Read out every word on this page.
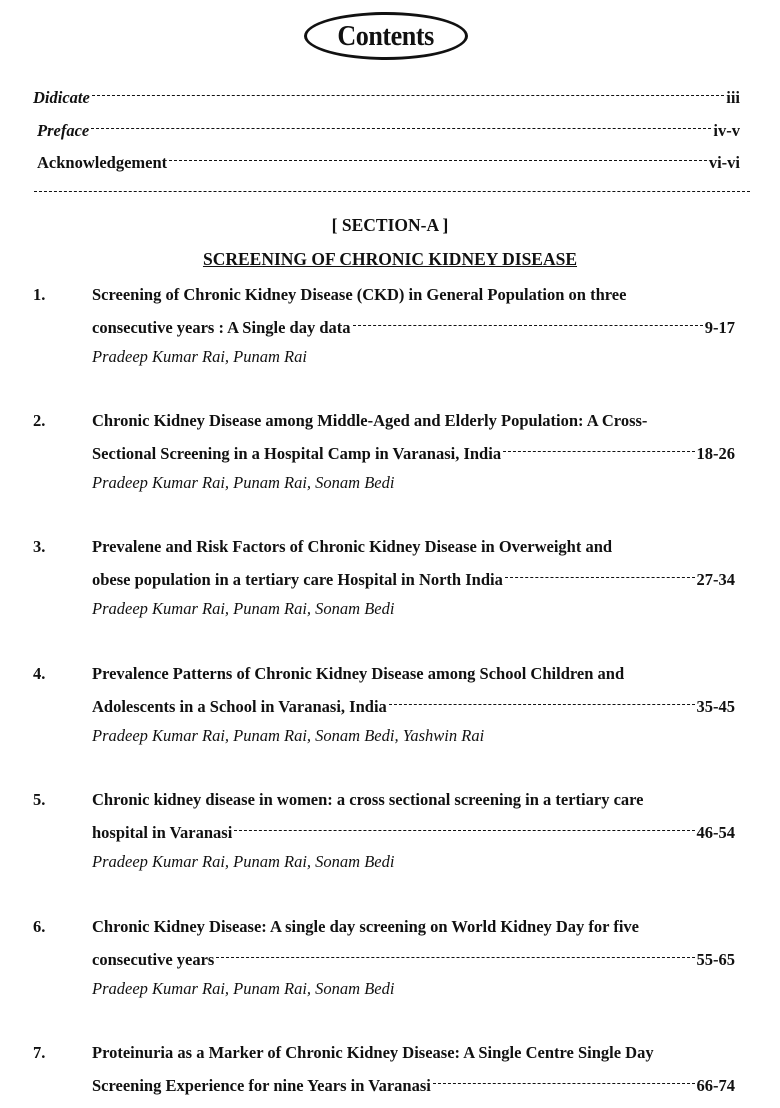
Contents
Didicate	iii
Preface	iv-v
Acknowledgement	vi-vi
[ SECTION-A ]
SCREENING OF CHRONIC KIDNEY DISEASE
1.	Screening of Chronic Kidney Disease (CKD) in General Population on three
consecutive years : A Single day data	9-17
Pradeep Kumar Rai, Punam Rai
2.	Chronic Kidney Disease among Middle-Aged and Elderly Population: A Cross-
Sectional Screening in a Hospital Camp in Varanasi, India	18-26
Pradeep Kumar Rai, Punam Rai, Sonam Bedi
3.	Prevalene and Risk Factors of Chronic Kidney Disease in Overweight and
obese population in a tertiary care Hospital in North India	27-34
Pradeep Kumar Rai, Punam Rai, Sonam Bedi
4.	Prevalence Patterns of Chronic Kidney Disease among School Children and
Adolescents in a School in Varanasi, India	35-45
Pradeep Kumar Rai, Punam Rai, Sonam Bedi, Yashwin Rai
5.	Chronic kidney disease in women: a cross sectional screening in a tertiary care
hospital in Varanasi	46-54
Pradeep Kumar Rai, Punam Rai, Sonam Bedi
6.	Chronic Kidney Disease: A single day screening on World Kidney Day for five
consecutive years	55-65
Pradeep Kumar Rai, Punam Rai, Sonam Bedi
7.	Proteinuria as a Marker of Chronic Kidney Disease: A Single Centre Single Day
Screening Experience for nine Years in Varanasi	66-74
